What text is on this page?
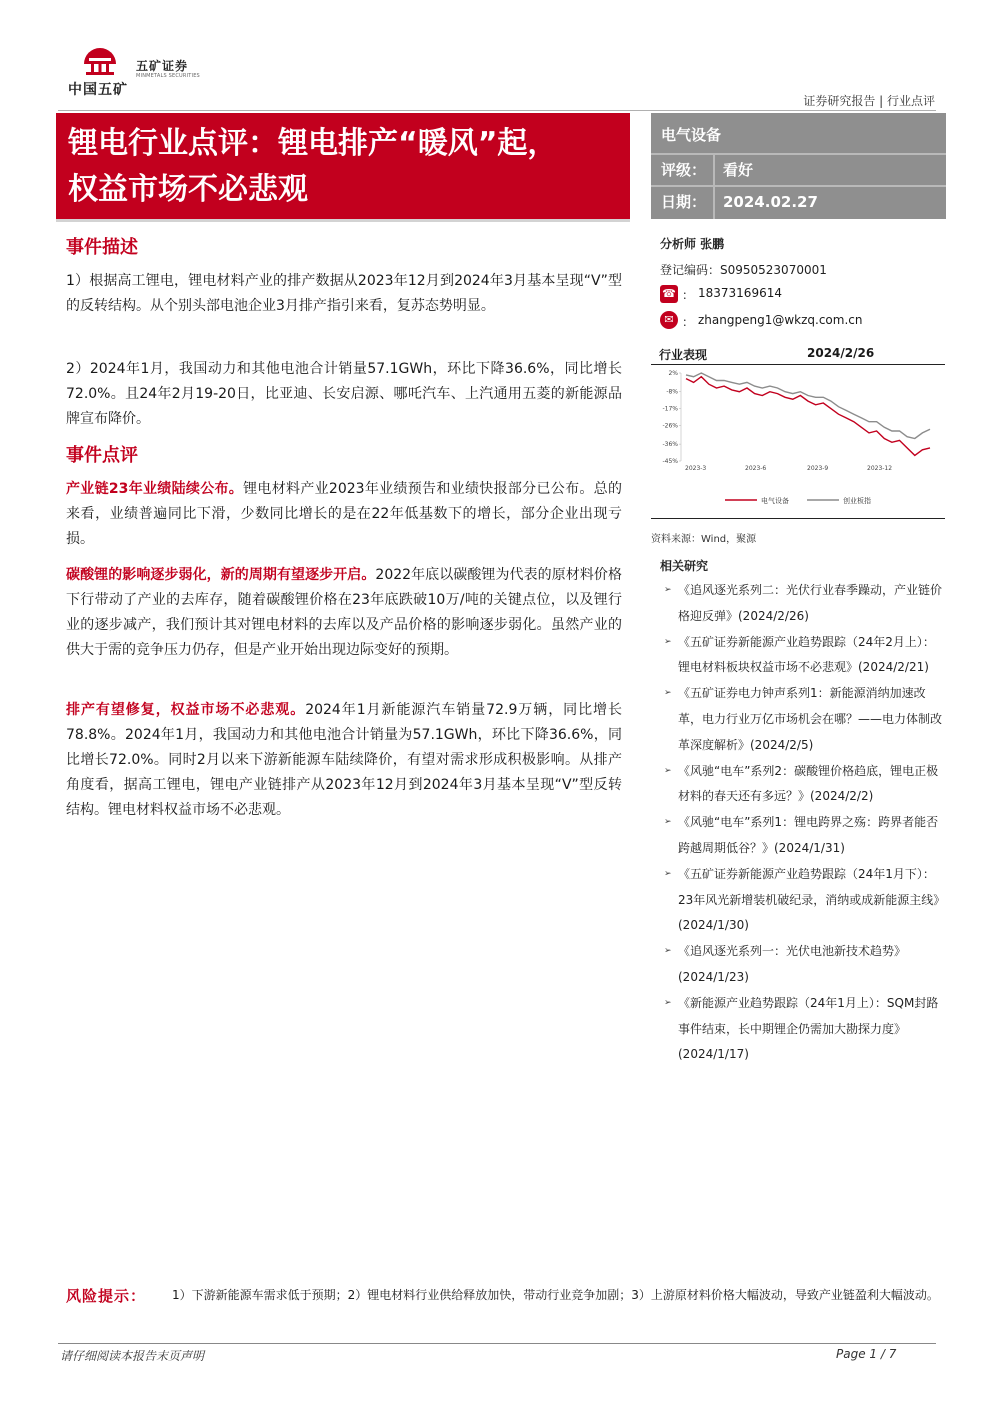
五矿证券
MINMETALS SECURITIES
中国五矿
证券研究报告 | 行业点评
锂电行业点评：锂电排产“暖风”起，
权益市场不必悲观
电气设备
评级： 看好
日期： 2024.02.27
事件描述
1）根据高工锂电，锂电材料产业的排产数据从2023年12月到2024年3月基本呈现“V”型的反转结构。从个别头部电池企业3月排产指引来看，复苏态势明显。
2）2024年1月，我国动力和其他电池合计销量57.1GWh，环比下降36.6%，同比增长72.0%。且24年2月19-20日，比亚迪、长安启源、哪吒汽车、上汽通用五菱的新能源品牌宣布降价。
事件点评
产业链23年业绩陆续公布。锂电材料产业2023年业绩预告和业绩快报部分已公布。总的来看，业绩普遍同比下滑，少数同比增长的是在22年低基数下的增长，部分企业出现亏损。
碳酸锂的影响逐步弱化，新的周期有望逐步开启。2022年底以碳酸锂为代表的原材料价格下行带动了产业的去库存，随着碳酸锂价格在23年底跌破10万/吨的关键点位，以及锂行业的逐步减产，我们预计其对锂电材料的去库以及产品价格的影响逐步弱化。虽然产业的供大于需的竞争压力仍存，但是产业开始出现边际变好的预期。
排产有望修复，权益市场不必悲观。2024年1月新能源汽车销量72.9万辆，同比增长78.8%。2024年1月，我国动力和其他电池合计销量为57.1GWh，环比下降36.6%，同比增长72.0%。同时2月以来下游新能源车陆续降价，有望对需求形成积极影响。从排产角度看，据高工锂电，锂电产业链排产从2023年12月到2024年3月基本呈现“V”型反转结构。锂电材料权益市场不必悲观。
分析师 张鹏
登记编码：S0950523070001
☎ ： 18373169614
✉ ： zhangpeng1@wkzq.com.cn
行业表现	2024/2/26
2%
-8%
-17%
-26%
-36%
-45%
2023-3	2023-6	2023-9	2023-12
电气设备	创业板指
资料来源：Wind，聚源
相关研究
➢ 《追风逐光系列二：光伏行业春季躁动，产业链价格迎反弹》(2024/2/26)
➢ 《五矿证券新能源产业趋势跟踪（24年2月上）：锂电材料板块权益市场不必悲观》(2024/2/21)
➢ 《五矿证券电力钟声系列1：新能源消纳加速改革，电力行业万亿市场机会在哪？——电力体制改革深度解析》(2024/2/5)
➢ 《风驰“电车”系列2：碳酸锂价格趋底，锂电正极材料的春天还有多远？》(2024/2/2)
➢ 《风驰“电车”系列1：锂电跨界之殇：跨界者能否跨越周期低谷？》(2024/1/31)
➢ 《五矿证券新能源产业趋势跟踪（24年1月下）：23年风光新增装机破纪录，消纳或成新能源主线》(2024/1/30)
➢ 《追风逐光系列一：光伏电池新技术趋势》(2024/1/23)
➢ 《新能源产业趋势跟踪（24年1月上）：SQM封路事件结束，长中期锂企仍需加大勘探力度》(2024/1/17)
风险提示： 1）下游新能源车需求低于预期；2）锂电材料行业供给释放加快，带动行业竞争加剧；3）上游原材料价格大幅波动，导致产业链盈利大幅波动。
请仔细阅读本报告末页声明	Page 1 / 7
